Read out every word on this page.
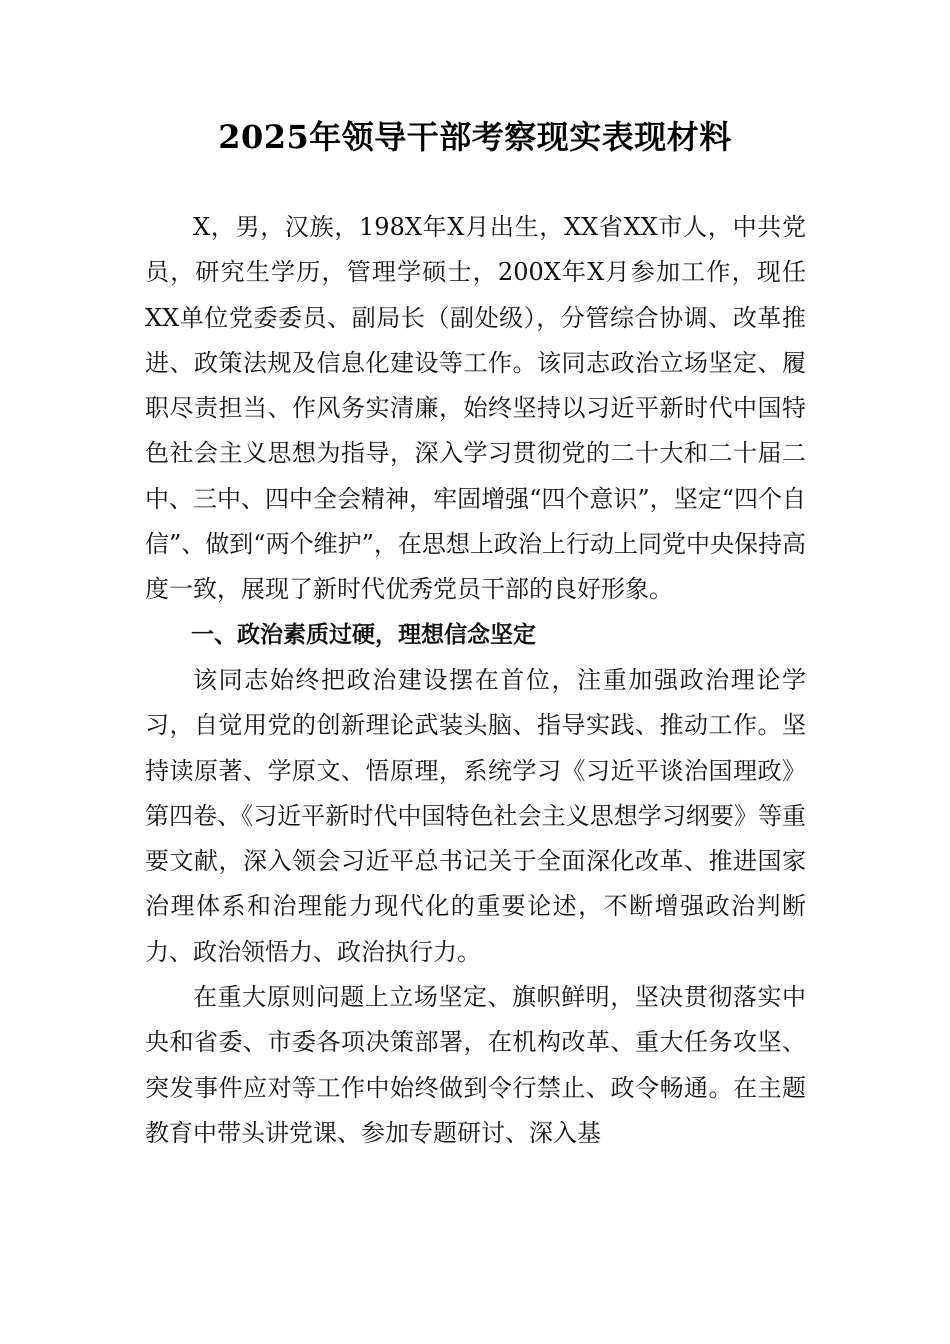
2025年领导干部考察现实表现材料

X，男，汉族，198X年X月出生，XX省XX市人，中共党员，研究生学历，管理学硕士，200X年X月参加工作，现任XX单位党委委员、副局长（副处级），分管综合协调、改革推进、政策法规及信息化建设等工作。该同志政治立场坚定、履职尽责担当、作风务实清廉，始终坚持以习近平新时代中国特色社会主义思想为指导，深入学习贯彻党的二十大和二十届二中、三中、四中全会精神，牢固增强“四个意识”，坚定“四个自信”、做到“两个维护”，在思想上政治上行动上同党中央保持高度一致，展现了新时代优秀党员干部的良好形象。

一、政治素质过硬，理想信念坚定

该同志始终把政治建设摆在首位，注重加强政治理论学习，自觉用党的创新理论武装头脑、指导实践、推动工作。坚持读原著、学原文、悟原理，系统学习《习近平谈治国理政》第四卷、《习近平新时代中国特色社会主义思想学习纲要》等重要文献，深入领会习近平总书记关于全面深化改革、推进国家治理体系和治理能力现代化的重要论述，不断增强政治判断力、政治领悟力、政治执行力。

在重大原则问题上立场坚定、旗帜鲜明，坚决贯彻落实中央和省委、市委各项决策部署，在机构改革、重大任务攻坚、突发事件应对等工作中始终做到令行禁止、政令畅通。在主题教育中带头讲党课、参加专题研讨、深入基
